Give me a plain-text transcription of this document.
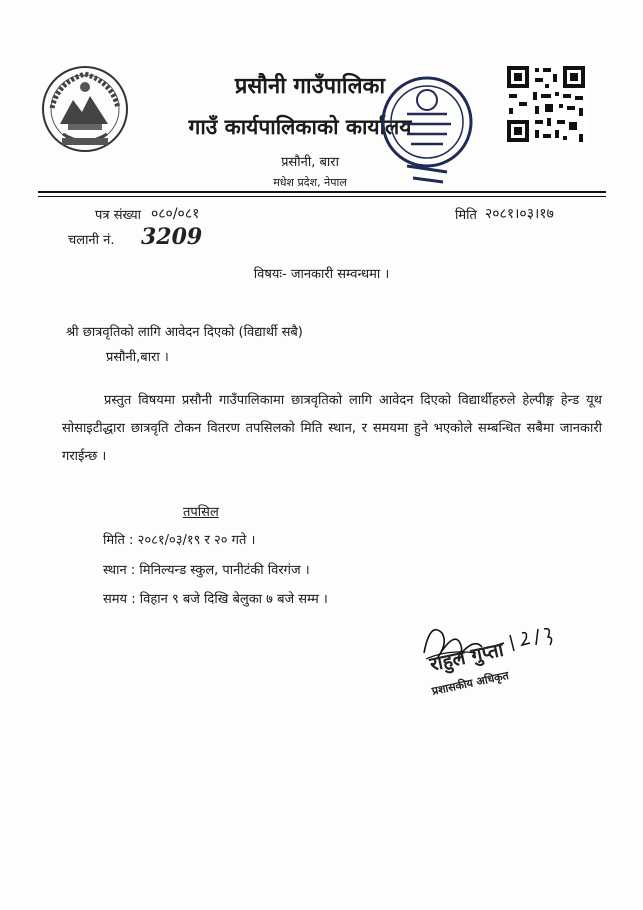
प्रसौनी गाउँपालिका
गाउँ कार्यपालिकाको कार्यालय
प्रसौनी, बारा
मधेश प्रदेश, नेपाल
पत्र संख्या ०८०/०८१	मिति २०८१।०३।१७
चलानी नं. 3209
विषयः- जानकारी सम्वन्धमा ।
श्री छात्रवृतिको लागि आवेदन दिएको (विद्यार्थी सबै)
प्रसौनी,बारा ।
प्रस्तुत विषयमा प्रसौनी गाउँपालिकामा छात्रवृतिको लागि आवेदन दिएको विद्यार्थीहरुले हेल्पीङ्ग हेन्ड यूथ सोसाइटीद्धारा छात्रवृति टोकन वितरण तपसिलको मिति स्थान, र समयमा हुने भएकोले सम्बन्धित सबैमा जानकारी गराईन्छ ।
तपसिल
मिति : २०८१/०३/१९ र २० गते ।
स्थान : मिनिल्यन्ड स्कुल, पानीटंकी विरगंज ।
समय : विहान ९ बजे दिखि बेलुका ७ बजे सम्म ।
राहुल गुप्ता
प्रशासकीय अधिकृत
